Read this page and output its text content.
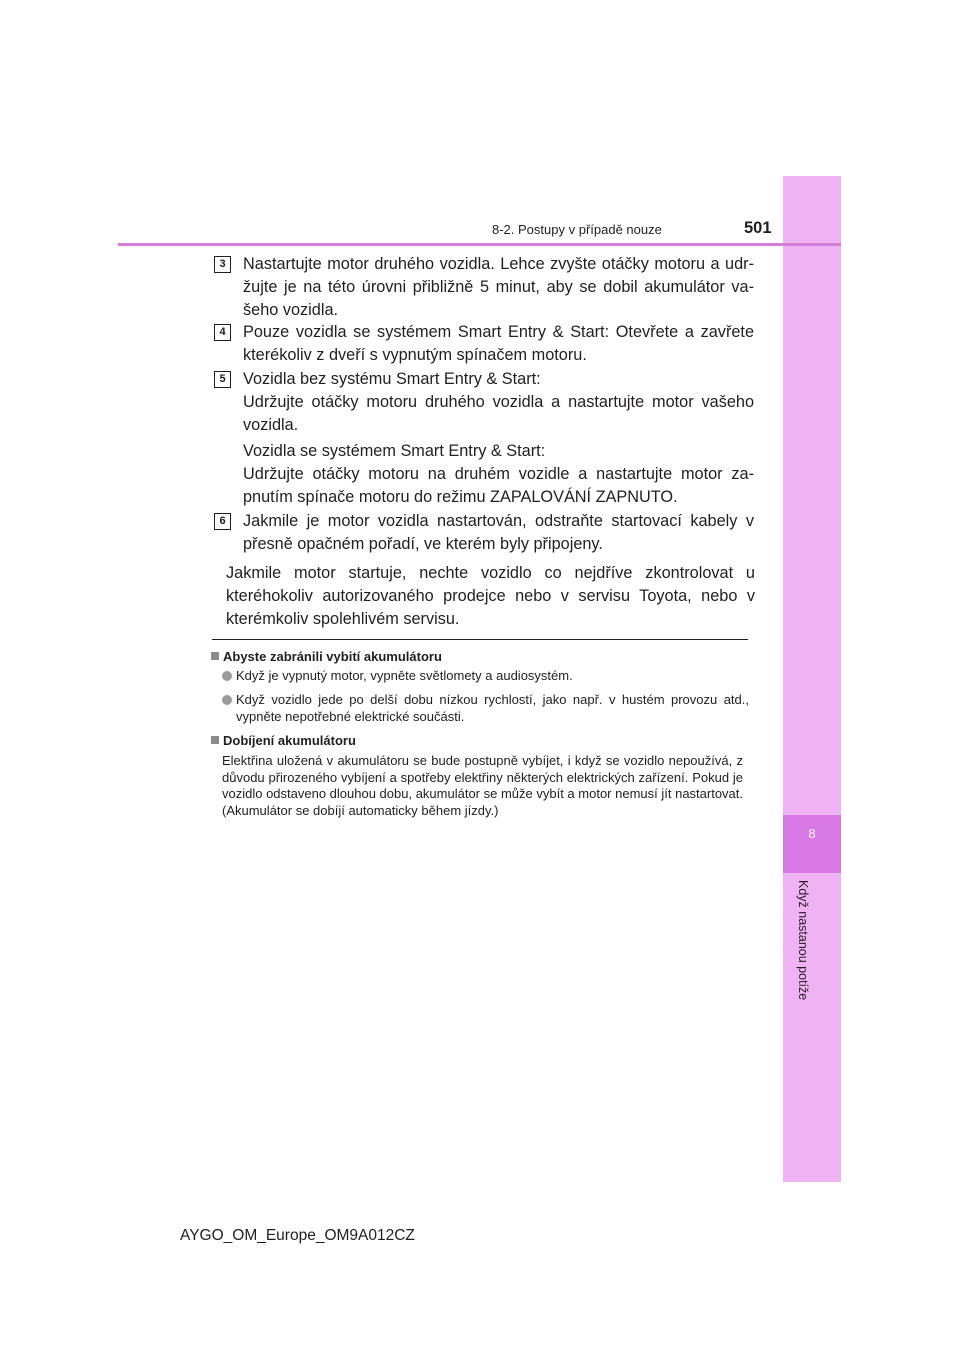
8
Když nastanou potíže
8-2. Postupy v případě nouze	501
3	Nastartujte motor druhého vozidla. Lehce zvyšte otáčky motoru a udr-žujte je na této úrovni přibližně 5 minut, aby se dobil akumulátor va-šeho vozidla.
4	Pouze vozidla se systémem Smart Entry & Start: Otevřete a zavřete kterékoliv z dveří s vypnutým spínačem motoru.
5	Vozidla bez systému Smart Entry & Start:
Udržujte otáčky motoru druhého vozidla a nastartujte motor vašeho vozidla.
Vozidla se systémem Smart Entry & Start:
Udržujte otáčky motoru na druhém vozidle a nastartujte motor za-pnutím spínače motoru do režimu ZAPALOVÁNÍ ZAPNUTO.
6	Jakmile je motor vozidla nastartován, odstraňte startovací kabely v přesně opačném pořadí, ve kterém byly připojeny.
Jakmile motor startuje, nechte vozidlo co nejdříve zkontrolovat u kteréhokoliv autorizovaného prodejce nebo v servisu Toyota, nebo v kterémkoliv spolehlivém servisu.
Abyste zabránili vybití akumulátoru
Když je vypnutý motor, vypněte světlomety a audiosystém.
Když vozidlo jede po delší dobu nízkou rychlostí, jako např. v hustém provozu atd., vypněte nepotřebné elektrické součásti.
Dobíjení akumulátoru
Elektřina uložená v akumulátoru se bude postupně vybíjet, i když se vozidlo nepoužívá, z důvodu přirozeného vybíjení a spotřeby elektřiny některých elektrických zařízení. Pokud je vozidlo odstaveno dlouhou dobu, akumulátor se může vybít a motor nemusí jít nastartovat. (Akumulátor se dobíjí automaticky během jízdy.)
AYGO_OM_Europe_OM9A012CZ
